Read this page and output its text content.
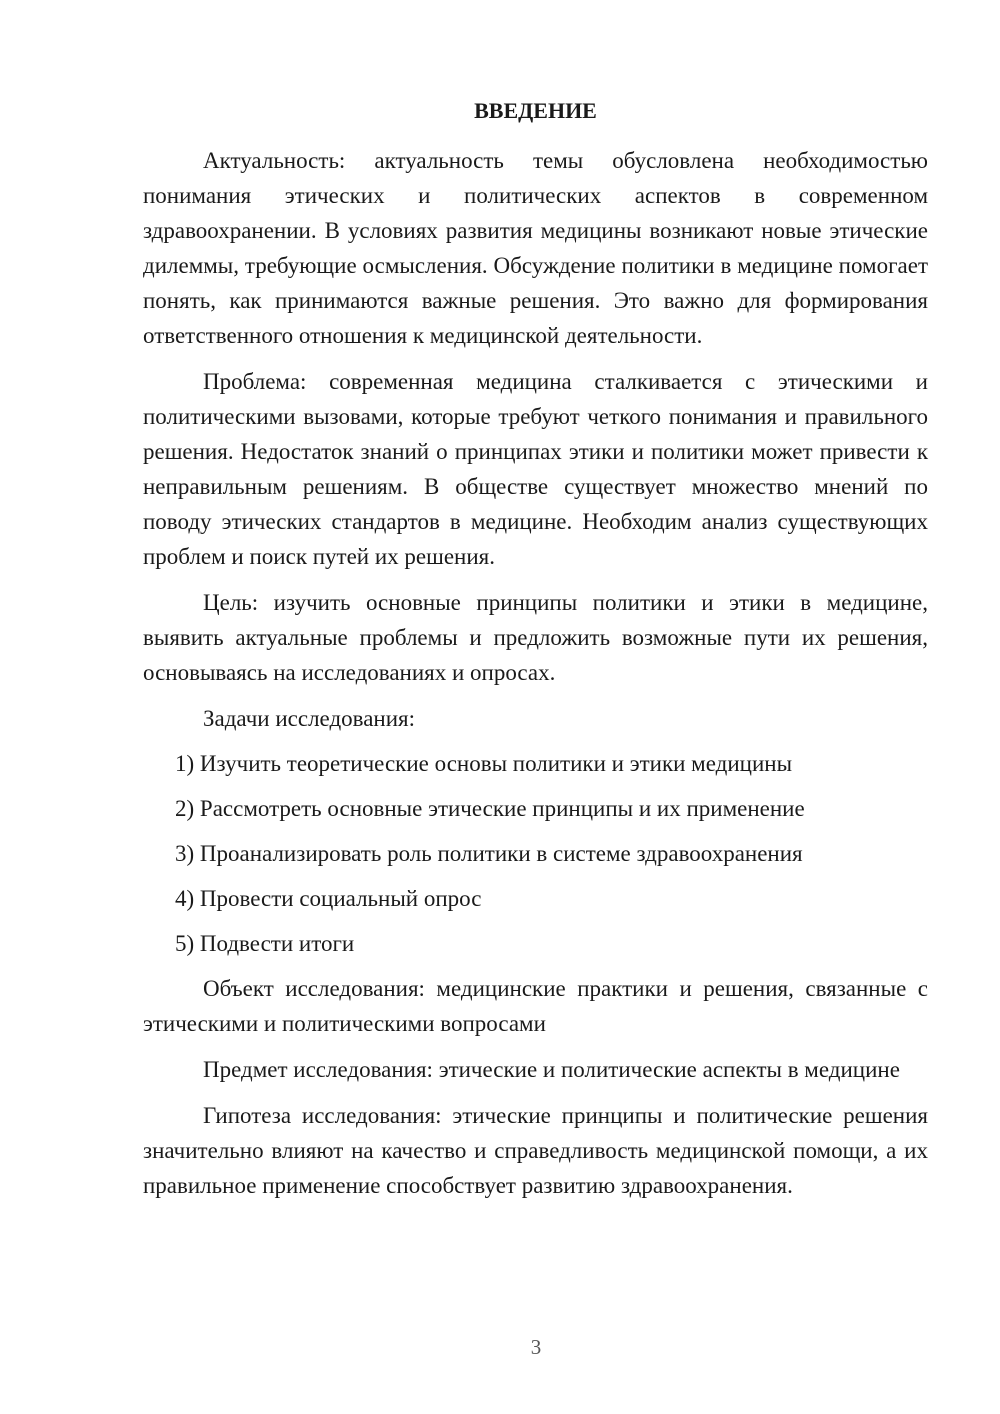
ВВЕДЕНИЕ

Актуальность: актуальность темы обусловлена необходимостью понимания этических и политических аспектов в современном здравоохранении. В условиях развития медицины возникают новые этические дилеммы, требующие осмысления. Обсуждение политики в медицине помогает понять, как принимаются важные решения. Это важно для формирования ответственного отношения к медицинской деятельности.

Проблема: современная медицина сталкивается с этическими и политическими вызовами, которые требуют четкого понимания и правильного решения. Недостаток знаний о принципах этики и политики может привести к неправильным решениям. В обществе существует множество мнений по поводу этических стандартов в медицине. Необходим анализ существующих проблем и поиск путей их решения.

Цель: изучить основные принципы политики и этики в медицине, выявить актуальные проблемы и предложить возможные пути их решения, основываясь на исследованиях и опросах.

Задачи исследования:
1) Изучить теоретические основы политики и этики медицины
2) Рассмотреть основные этические принципы и их применение
3) Проанализировать роль политики в системе здравоохранения
4) Провести социальный опрос
5) Подвести итоги

Объект исследования: медицинские практики и решения, связанные с этическими и политическими вопросами

Предмет исследования: этические и политические аспекты в медицине

Гипотеза исследования: этические принципы и политические решения значительно влияют на качество и справедливость медицинской помощи, а их правильное применение способствует развитию здравоохранения.

3
